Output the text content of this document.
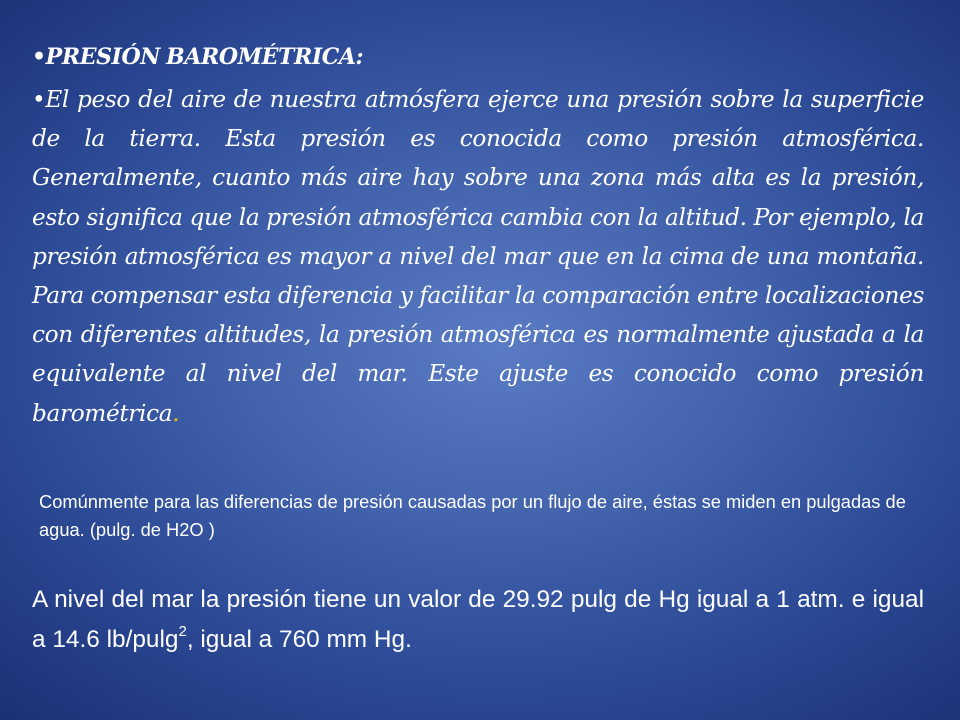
•PRESIÓN BAROMÉTRICA:

•El peso del aire de nuestra atmósfera ejerce una presión sobre la superficie de la tierra. Esta presión es conocida como presión atmosférica. Generalmente, cuanto más aire hay sobre una zona más alta es la presión, esto significa que la presión atmosférica cambia con la altitud. Por ejemplo, la presión atmosférica es mayor a nivel del mar que en la cima de una montaña. Para compensar esta diferencia y facilitar la comparación entre localizaciones con diferentes altitudes, la presión atmosférica es normalmente ajustada a la equivalente al nivel del mar. Este ajuste es conocido como presión barométrica.

Comúnmente para las diferencias de presión causadas por un flujo de aire, éstas se miden en pulgadas de agua. (pulg. de H2O )

A nivel del mar la presión tiene un valor de 29.92 pulg de Hg igual a 1 atm. e igual a 14.6 lb/pulg$^2$, igual a 760 mm Hg.
